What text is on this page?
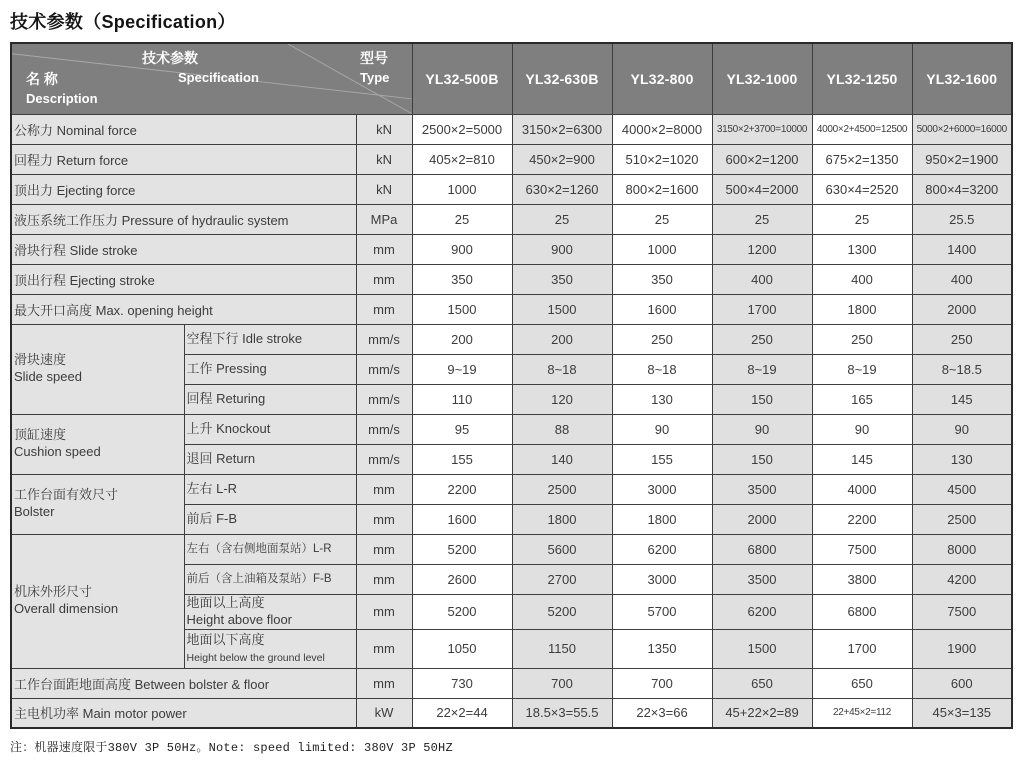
技术参数（Specification）
技术参数
Specification
名 称
Description
型号
Type	YL32-500B	YL32-630B	YL32-800	YL32-1000	YL32-1250	YL32-1600
公称力 Nominal force		kN	2500×2=5000	3150×2=6300	4000×2=8000	3150×2+3700=10000	4000×2+4500=12500	5000×2+6000=16000
回程力 Return force		kN	405×2=810	450×2=900	510×2=1020	600×2=1200	675×2=1350	950×2=1900
顶出力 Ejecting force		kN	1000	630×2=1260	800×2=1600	500×4=2000	630×4=2520	800×4=3200
液压系统工作压力 Pressure of hydraulic system		MPa	25	25	25	25	25	25.5
滑块行程 Slide stroke		mm	900	900	1000	1200	1300	1400
顶出行程 Ejecting stroke		mm	350	350	350	400	400	400
最大开口高度 Max. opening height		mm	1500	1500	1600	1700	1800	2000
滑块速度
Slide speed	空程下行 Idle stroke	mm/s	200	200	250	250	250	250
	工作 Pressing	mm/s	9~19	8~18	8~18	8~19	8~19	8~18.5
	回程 Returing	mm/s	110	120	130	150	165	145
顶缸速度
Cushion speed	上升 Knockout	mm/s	95	88	90	90	90	90
	退回 Return	mm/s	155	140	155	150	145	130
工作台面有效尺寸
Bolster	左右 L-R	mm	2200	2500	3000	3500	4000	4500
	前后 F-B	mm	1600	1800	1800	2000	2200	2500
机床外形尺寸
Overall dimension	左右（含右侧地面泵站）L-R	mm	5200	5600	6200	6800	7500	8000
	前后（含上油箱及泵站）F-B	mm	2600	2700	3000	3500	3800	4200
	地面以上高度
Height above floor	mm	5200	5200	5700	6200	6800	7500
	地面以下高度
Height below the ground level	mm	1050	1150	1350	1500	1700	1900
工作台面距地面高度 Between bolster & floor		mm	730	700	700	650	650	600
主电机功率 Main motor power		kW	22×2=44	18.5×3=55.5	22×3=66	45+22×2=89	22+45×2=112	45×3=135
注：机器速度限于380V 3P 50Hz。Note: speed limited: 380V 3P 50HZ
